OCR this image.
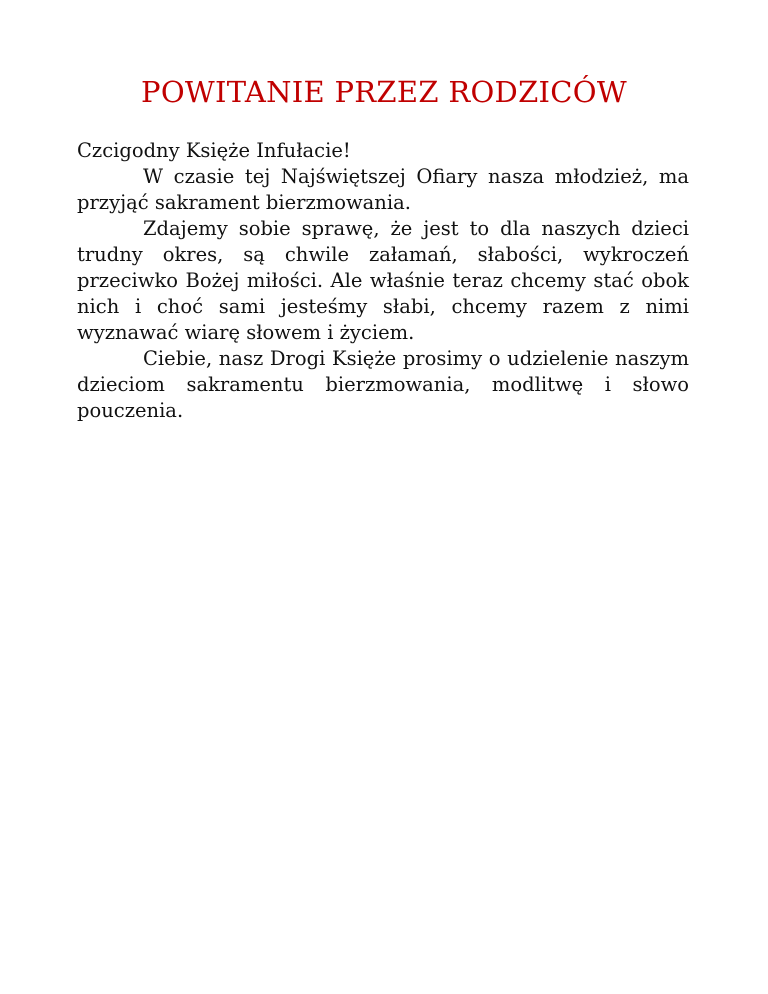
POWITANIE PRZEZ RODZICÓW

Czcigodny Księże Infułacie!

W czasie tej Najświętszej Ofiary nasza młodzież, ma przyjąć sakrament bierzmowania.

Zdajemy sobie sprawę, że jest to dla naszych dzieci trudny okres, są chwile załamań, słabości, wykroczeń przeciwko Bożej miłości. Ale właśnie teraz chcemy stać obok nich i choć sami jesteśmy słabi, chcemy razem z nimi wyznawać wiarę słowem i życiem.

Ciebie, nasz Drogi Księże prosimy o udzielenie naszym dzieciom sakramentu bierzmowania, modlitwę i słowo pouczenia.
